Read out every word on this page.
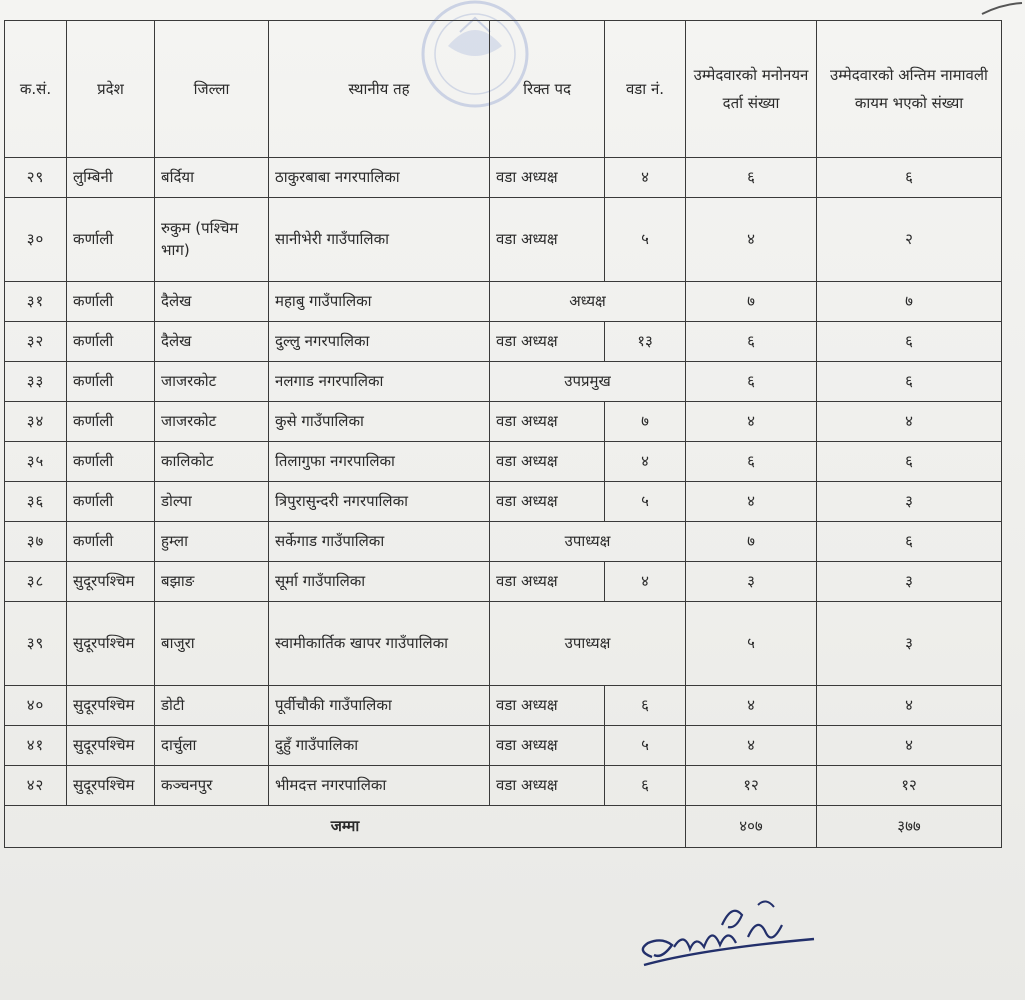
क.सं.	प्रदेश	जिल्ला	स्थानीय तह	रिक्त पद	वडा नं.	उम्मेदवारको मनोनयन दर्ता संख्या	उम्मेदवारको अन्तिम नामावली कायम भएको संख्या
२९	लुम्बिनी	बर्दिया	ठाकुरबाबा नगरपालिका	वडा अध्यक्ष	४	६	६
३०	कर्णाली	रुकुम (पश्चिम भाग)	सानीभेरी गाउँपालिका	वडा अध्यक्ष	५	४	२
३१	कर्णाली	दैलेख	महाबु गाउँपालिका	अध्यक्ष		७	७
३२	कर्णाली	दैलेख	दुल्लु नगरपालिका	वडा अध्यक्ष	१३	६	६
३३	कर्णाली	जाजरकोट	नलगाड नगरपालिका	उपप्रमुख		६	६
३४	कर्णाली	जाजरकोट	कुसे गाउँपालिका	वडा अध्यक्ष	७	४	४
३५	कर्णाली	कालिकोट	तिलागुफा नगरपालिका	वडा अध्यक्ष	४	६	६
३६	कर्णाली	डोल्पा	त्रिपुरासुन्दरी नगरपालिका	वडा अध्यक्ष	५	४	३
३७	कर्णाली	हुम्ला	सर्केगाड गाउँपालिका	उपाध्यक्ष		७	६
३८	सुदूरपश्चिम	बझाङ	सूर्मा गाउँपालिका	वडा अध्यक्ष	४	३	३
३९	सुदूरपश्चिम	बाजुरा	स्वामीकार्तिक खापर गाउँपालिका	उपाध्यक्ष		५	३
४०	सुदूरपश्चिम	डोटी	पूर्वीचौकी गाउँपालिका	वडा अध्यक्ष	६	४	४
४१	सुदूरपश्चिम	दार्चुला	दुहुँ गाउँपालिका	वडा अध्यक्ष	५	४	४
४२	सुदूरपश्चिम	कञ्चनपुर	भीमदत्त नगरपालिका	वडा अध्यक्ष	६	१२	१२
जम्मा						४०७	३७७
